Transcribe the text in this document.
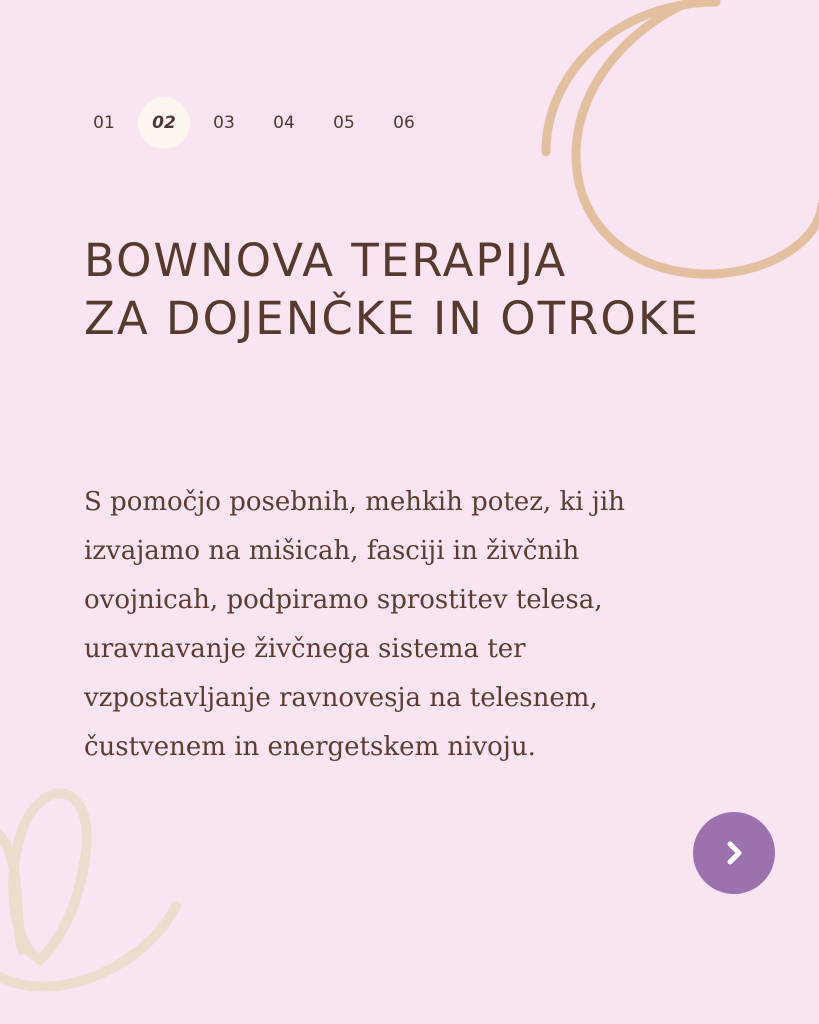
01	02	03	04	05	06
BOWNOVA TERAPIJA
ZA DOJENČKE IN OTROKE

S pomočjo posebnih, mehkih potez, ki jih
izvajamo na mišicah, fasciji in živčnih
ovojnicah, podpiramo sprostitev telesa,
uravnavanje živčnega sistema ter
vzpostavljanje ravnovesja na telesnem,
čustvenem in energetskem nivoju.
